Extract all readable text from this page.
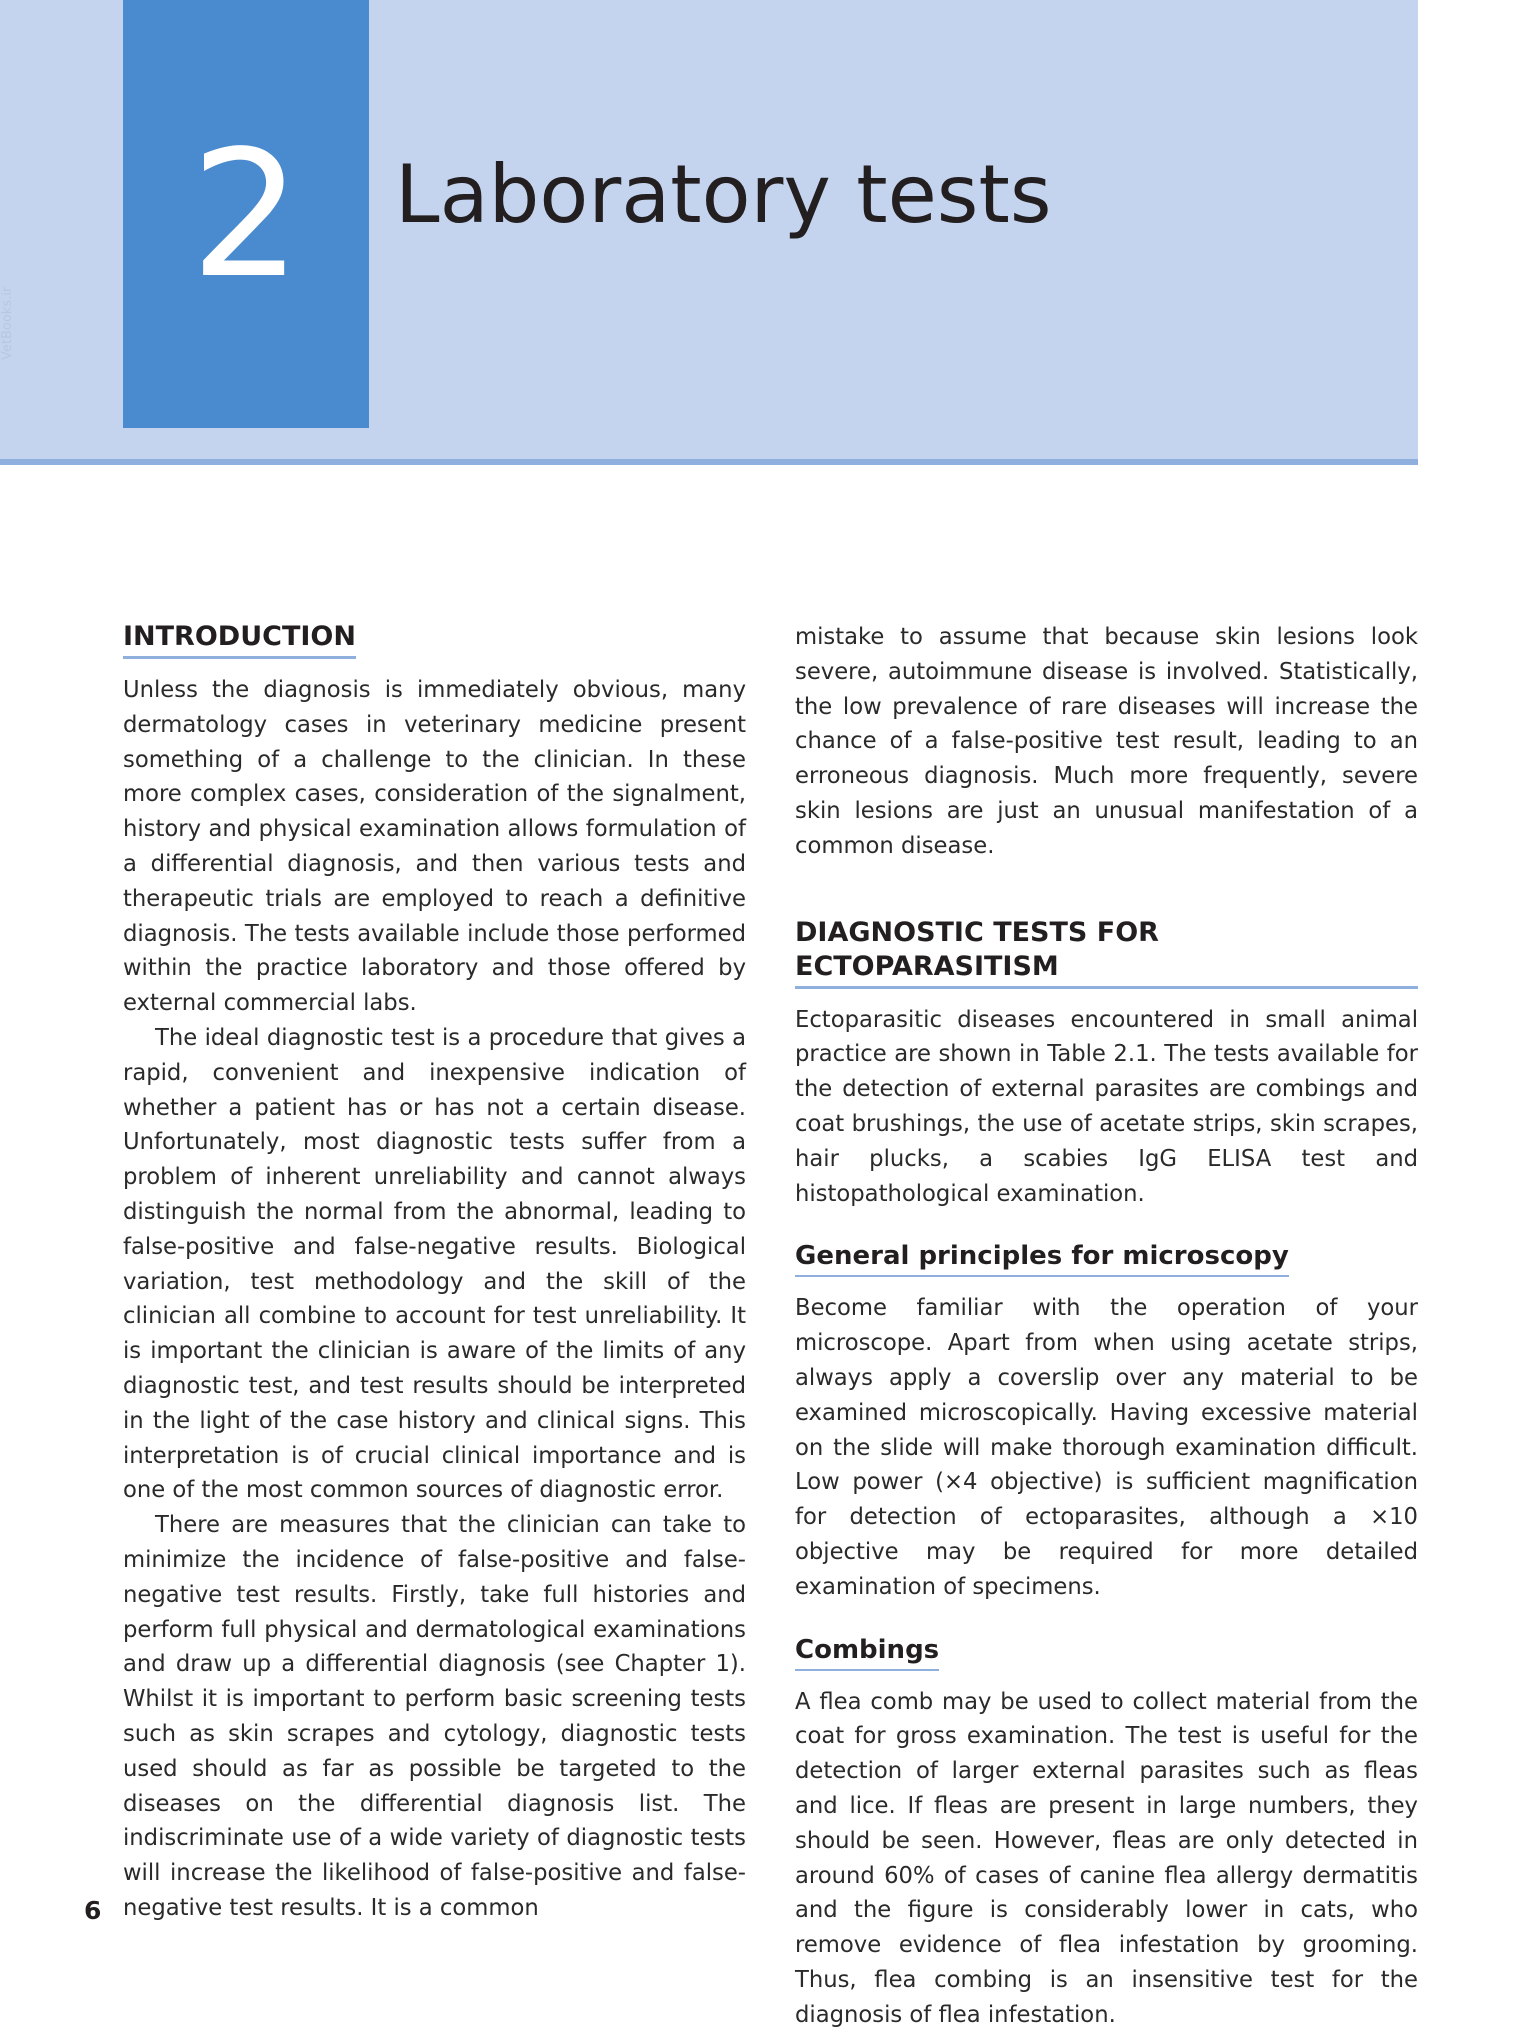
2	Laboratory tests
VetBooks.ir
INTRODUCTION

Unless the diagnosis is immediately obvious, many dermatology cases in veterinary medicine present something of a challenge to the clinician. In these more complex cases, consideration of the signalment, history and physical examination allows formulation of a differential diagnosis, and then various tests and therapeutic trials are employed to reach a definitive diagnosis. The tests available include those performed within the practice laboratory and those offered by external commercial labs.

The ideal diagnostic test is a procedure that gives a rapid, convenient and inexpensive indication of whether a patient has or has not a certain disease. Unfortunately, most diagnostic tests suffer from a problem of inherent unreliability and cannot always distinguish the normal from the abnormal, leading to false-positive and false-negative results. Biological variation, test methodology and the skill of the clinician all combine to account for test unreliability. It is important the clinician is aware of the limits of any diagnostic test, and test results should be interpreted in the light of the case history and clinical signs. This interpretation is of crucial clinical importance and is one of the most common sources of diagnostic error.

There are measures that the clinician can take to minimize the incidence of false-positive and false-negative test results. Firstly, take full histories and perform full physical and dermatological examinations and draw up a differential diagnosis (see Chapter 1). Whilst it is important to perform basic screening tests such as skin scrapes and cytology, diagnostic tests used should as far as possible be targeted to the diseases on the differential diagnosis list. The indiscriminate use of a wide variety of diagnostic tests will increase the likelihood of false-positive and false-negative test results. It is a common

mistake to assume that because skin lesions look severe, autoimmune disease is involved. Statistically, the low prevalence of rare diseases will increase the chance of a false-positive test result, leading to an erroneous diagnosis. Much more frequently, severe skin lesions are just an unusual manifestation of a common disease.

DIAGNOSTIC TESTS FOR ECTOPARASITISM

Ectoparasitic diseases encountered in small animal practice are shown in Table 2.1. The tests available for the detection of external parasites are combings and coat brushings, the use of acetate strips, skin scrapes, hair plucks, a scabies IgG ELISA test and histopathological examination.

General principles for microscopy

Become familiar with the operation of your microscope. Apart from when using acetate strips, always apply a coverslip over any material to be examined microscopically. Having excessive material on the slide will make thorough examination difficult. Low power (×4 objective) is sufficient magnification for detection of ectoparasites, although a ×10 objective may be required for more detailed examination of specimens.

Combings

A flea comb may be used to collect material from the coat for gross examination. The test is useful for the detection of larger external parasites such as fleas and lice. If fleas are present in large numbers, they should be seen. However, fleas are only detected in around 60% of cases of canine flea allergy dermatitis and the figure is considerably lower in cats, who remove evidence of flea infestation by grooming. Thus, flea combing is an insensitive test for the diagnosis of flea infestation.

6
